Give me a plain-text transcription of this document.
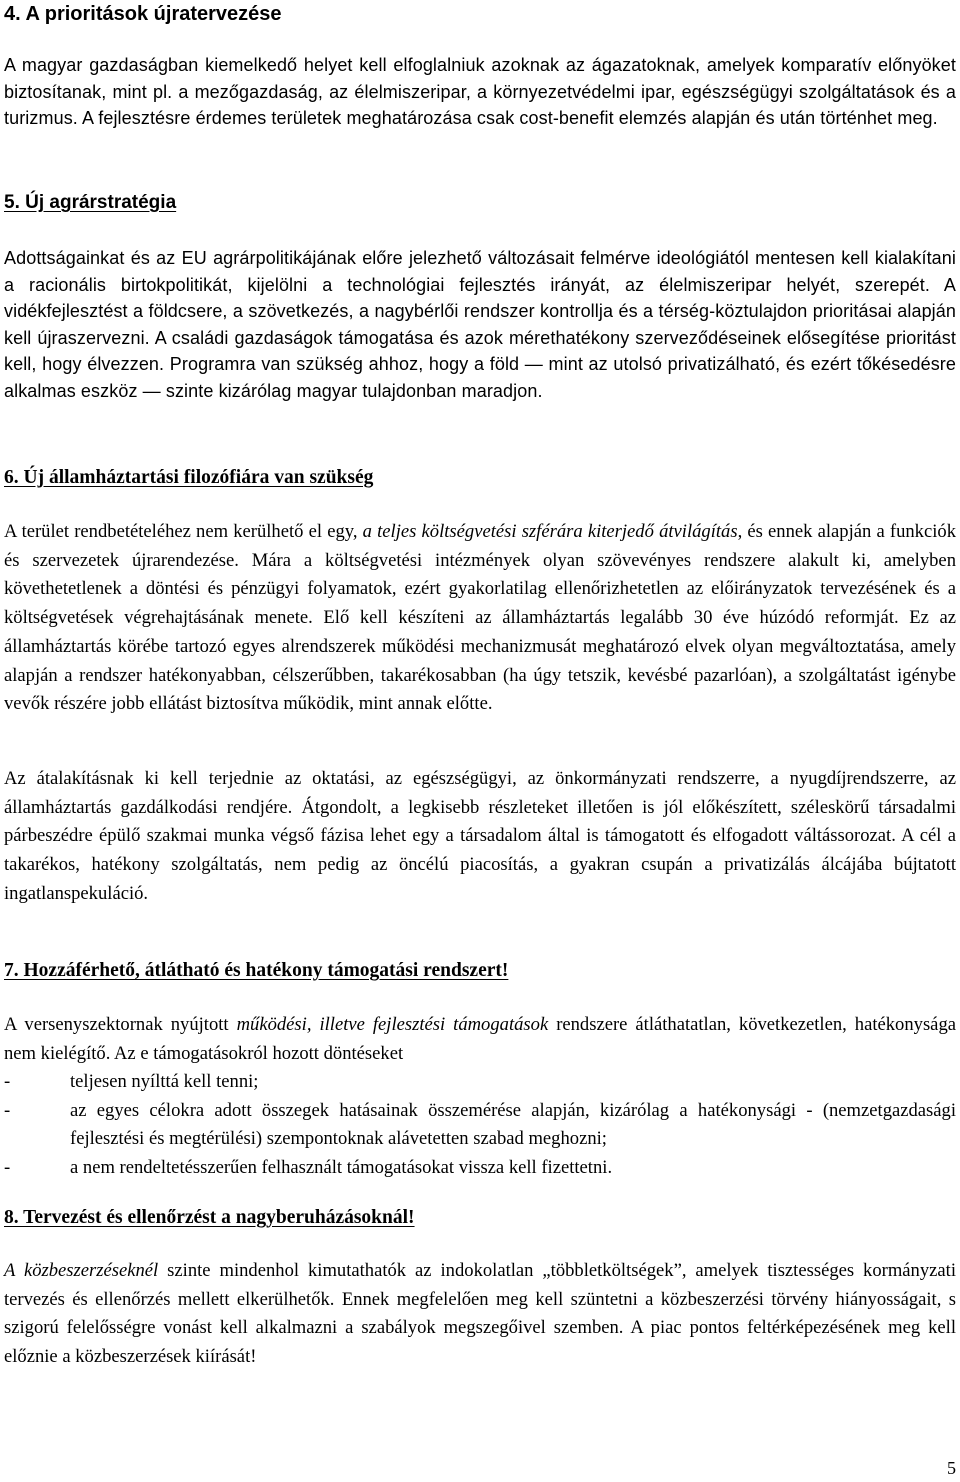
4. A prioritások újratervezése

A magyar gazdaságban kiemelkedő helyet kell elfoglalniuk azoknak az ágazatoknak, amelyek komparatív előnyöket biztosítanak, mint pl. a mezőgazdaság, az élelmiszeripar, a környezetvédelmi ipar, egészségügyi szolgáltatások és a turizmus. A fejlesztésre érdemes területek meghatározása csak cost-benefit elemzés alapján és után történhet meg.

5. Új agrárstratégia

Adottságainkat és az EU agrárpolitikájának előre jelezhető változásait felmérve ideológiától mentesen kell kialakítani a racionális birtokpolitikát, kijelölni a technológiai fejlesztés irányát, az élelmiszeripar helyét, szerepét. A vidékfejlesztést a földcsere, a szövetkezés, a nagybérlői rendszer kontrollja és a térség-köztulajdon prioritásai alapján kell újraszervezni. A családi gazdaságok támogatása és azok mérethatékony szerveződéseinek elősegítése prioritást kell, hogy élvezzen. Programra van szükség ahhoz, hogy a föld — mint az utolsó privatizálható, és ezért tőkésedésre alkalmas eszköz — szinte kizárólag magyar tulajdonban maradjon.

6. Új államháztartási filozófiára van szükség

A terület rendbetételéhez nem kerülhető el egy, a teljes költségvetési szférára kiterjedő átvilágítás, és ennek alapján a funkciók és szervezetek újrarendezése. Mára a költségvetési intézmények olyan szövevényes rendszere alakult ki, amelyben követhetetlenek a döntési és pénzügyi folyamatok, ezért gyakorlatilag ellenőrizhetetlen az előirányzatok tervezésének és a költségvetések végrehajtásának menete. Elő kell készíteni az államháztartás legalább 30 éve húzódó reformját. Ez az államháztartás körébe tartozó egyes alrendszerek működési mechanizmusát meghatározó elvek olyan megváltoztatása, amely alapján a rendszer hatékonyabban, célszerűbben, takarékosabban (ha úgy tetszik, kevésbé pazarlóan), a szolgáltatást igénybe vevők részére jobb ellátást biztosítva működik, mint annak előtte.

Az átalakításnak ki kell terjednie az oktatási, az egészségügyi, az önkormányzati rendszerre, a nyugdíjrendszerre, az államháztartás gazdálkodási rendjére. Átgondolt, a legkisebb részleteket illetően is jól előkészített, széleskörű társadalmi párbeszédre épülő szakmai munka végső fázisa lehet egy a társadalom által is támogatott és elfogadott váltássorozat. A cél a takarékos, hatékony szolgáltatás, nem pedig az öncélú piacosítás, a gyakran csupán a privatizálás álcájába bújtatott ingatlanspekuláció.

7. Hozzáférhető, átlátható és hatékony támogatási rendszert!

A versenyszektornak nyújtott működési, illetve fejlesztési támogatások rendszere átláthatatlan, következetlen, hatékonysága nem kielégítő. Az e támogatásokról hozott döntéseket

-	teljesen nyílttá kell tenni;
-	az egyes célokra adott összegek hatásainak összemérése alapján, kizárólag a hatékonysági - (nemzetgazdasági fejlesztési és megtérülési) szempontoknak alávetetten szabad meghozni;
-	a nem rendeltetésszerűen felhasznált támogatásokat vissza kell fizettetni.
8. Tervezést és ellenőrzést a nagyberuházásoknál!

A közbeszerzéseknél szinte mindenhol kimutathatók az indokolatlan „többletköltségek”, amelyek tisztességes kormányzati tervezés és ellenőrzés mellett elkerülhetők. Ennek megfelelően meg kell szüntetni a közbeszerzési törvény hiányosságait, s szigorú felelősségre vonást kell alkalmazni a szabályok megszegőivel szemben. A piac pontos feltérképezésének meg kell előznie a közbeszerzések kiírását!

5
